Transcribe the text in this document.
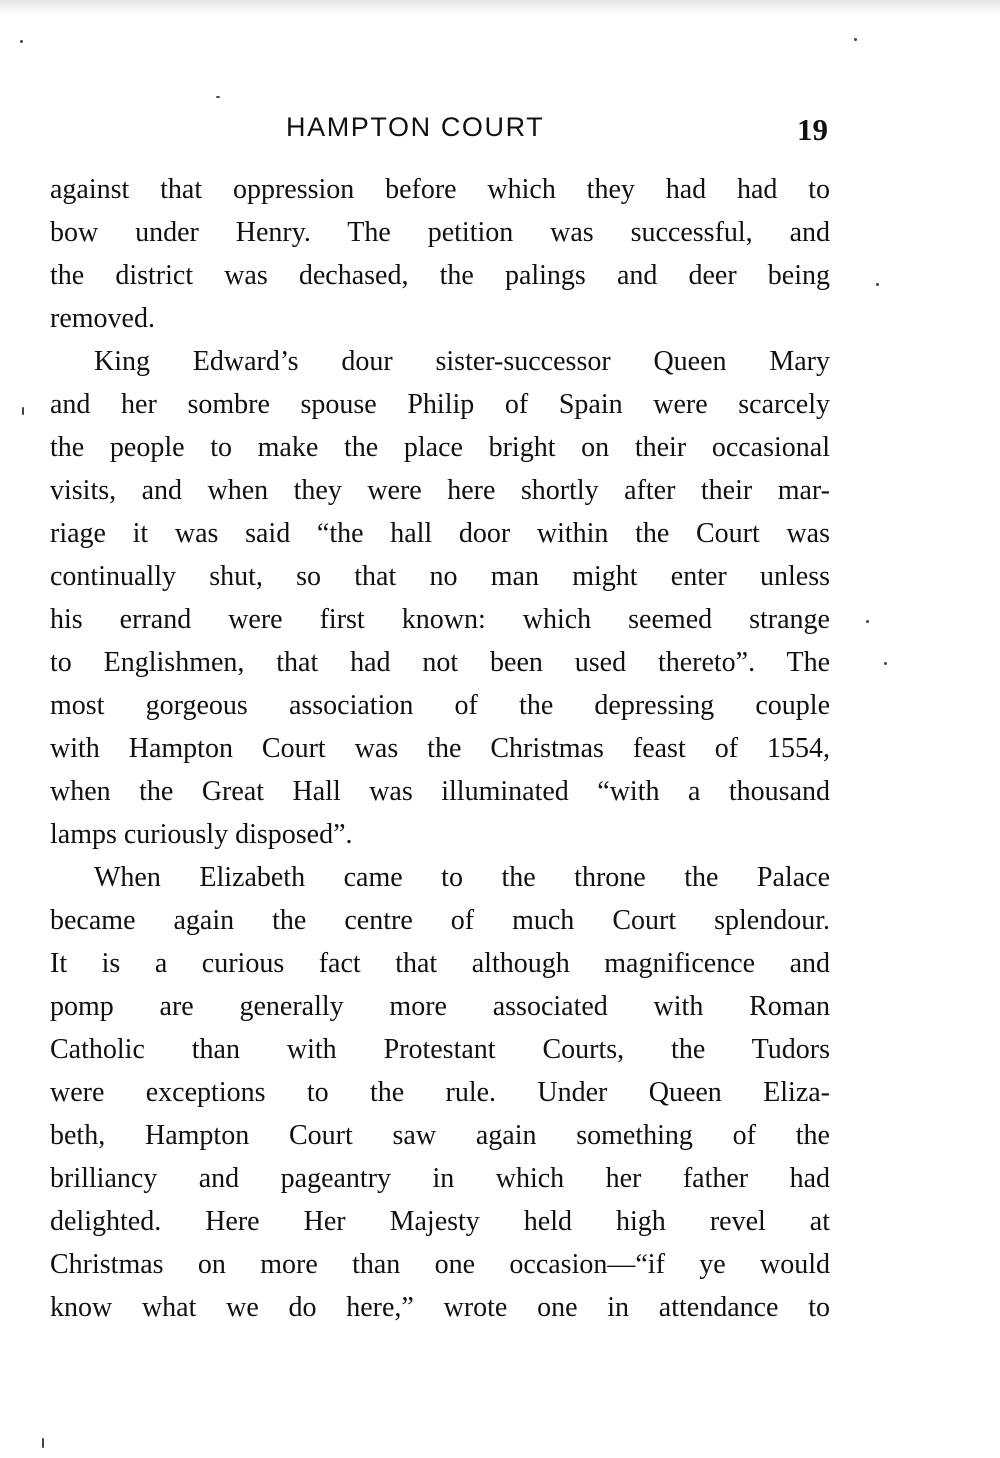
HAMPTON COURT	19
against that oppression before which they had had to
bow under Henry. The petition was successful, and
the district was dechased, the palings and deer being
removed.
King Edward’s dour sister-successor Queen Mary
and her sombre spouse Philip of Spain were scarcely
the people to make the place bright on their occasional
visits, and when they were here shortly after their mar-
riage it was said “the hall door within the Court was
continually shut, so that no man might enter unless
his errand were first known: which seemed strange
to Englishmen, that had not been used thereto”. The
most gorgeous association of the depressing couple
with Hampton Court was the Christmas feast of 1554,
when the Great Hall was illuminated “with a thousand
lamps curiously disposed”.
When Elizabeth came to the throne the Palace
became again the centre of much Court splendour.
It is a curious fact that although magnificence and
pomp are generally more associated with Roman
Catholic than with Protestant Courts, the Tudors
were exceptions to the rule. Under Queen Eliza-
beth, Hampton Court saw again something of the
brilliancy and pageantry in which her father had
delighted. Here Her Majesty held high revel at
Christmas on more than one occasion—“if ye would
know what we do here,” wrote one in attendance to
